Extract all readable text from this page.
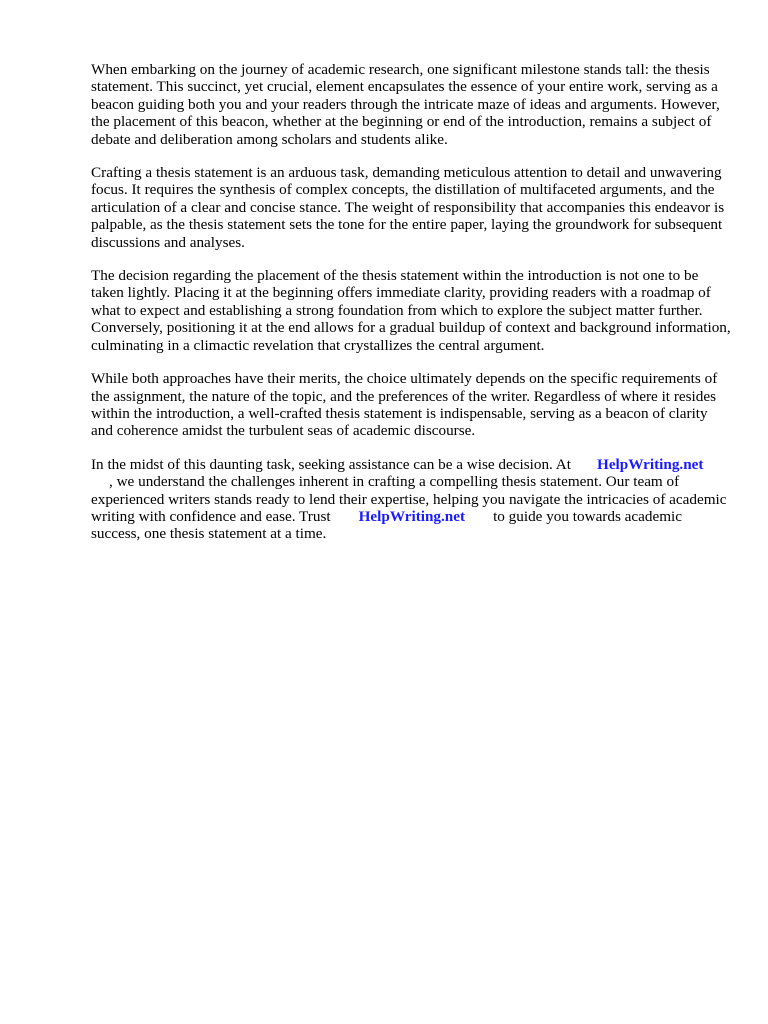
When embarking on the journey of academic research, one significant milestone stands tall: the thesis statement. This succinct, yet crucial, element encapsulates the essence of your entire work, serving as a beacon guiding both you and your readers through the intricate maze of ideas and arguments. However, the placement of this beacon, whether at the beginning or end of the introduction, remains a subject of debate and deliberation among scholars and students alike.

Crafting a thesis statement is an arduous task, demanding meticulous attention to detail and unwavering focus. It requires the synthesis of complex concepts, the distillation of multifaceted arguments, and the articulation of a clear and concise stance. The weight of responsibility that accompanies this endeavor is palpable, as the thesis statement sets the tone for the entire paper, laying the groundwork for subsequent discussions and analyses.

The decision regarding the placement of the thesis statement within the introduction is not one to be taken lightly. Placing it at the beginning offers immediate clarity, providing readers with a roadmap of what to expect and establishing a strong foundation from which to explore the subject matter further. Conversely, positioning it at the end allows for a gradual buildup of context and background information, culminating in a climactic revelation that crystallizes the central argument.

While both approaches have their merits, the choice ultimately depends on the specific requirements of the assignment, the nature of the topic, and the preferences of the writer. Regardless of where it resides within the introduction, a well-crafted thesis statement is indispensable, serving as a beacon of clarity and coherence amidst the turbulent seas of academic discourse.

In the midst of this daunting task, seeking assistance can be a wise decision. At HelpWriting.net
, we understand the challenges inherent in crafting a compelling thesis statement. Our team of experienced writers stands ready to lend their expertise, helping you navigate the intricacies of academic writing with confidence and ease. Trust HelpWriting.net to guide you towards academic success, one thesis statement at a time.
